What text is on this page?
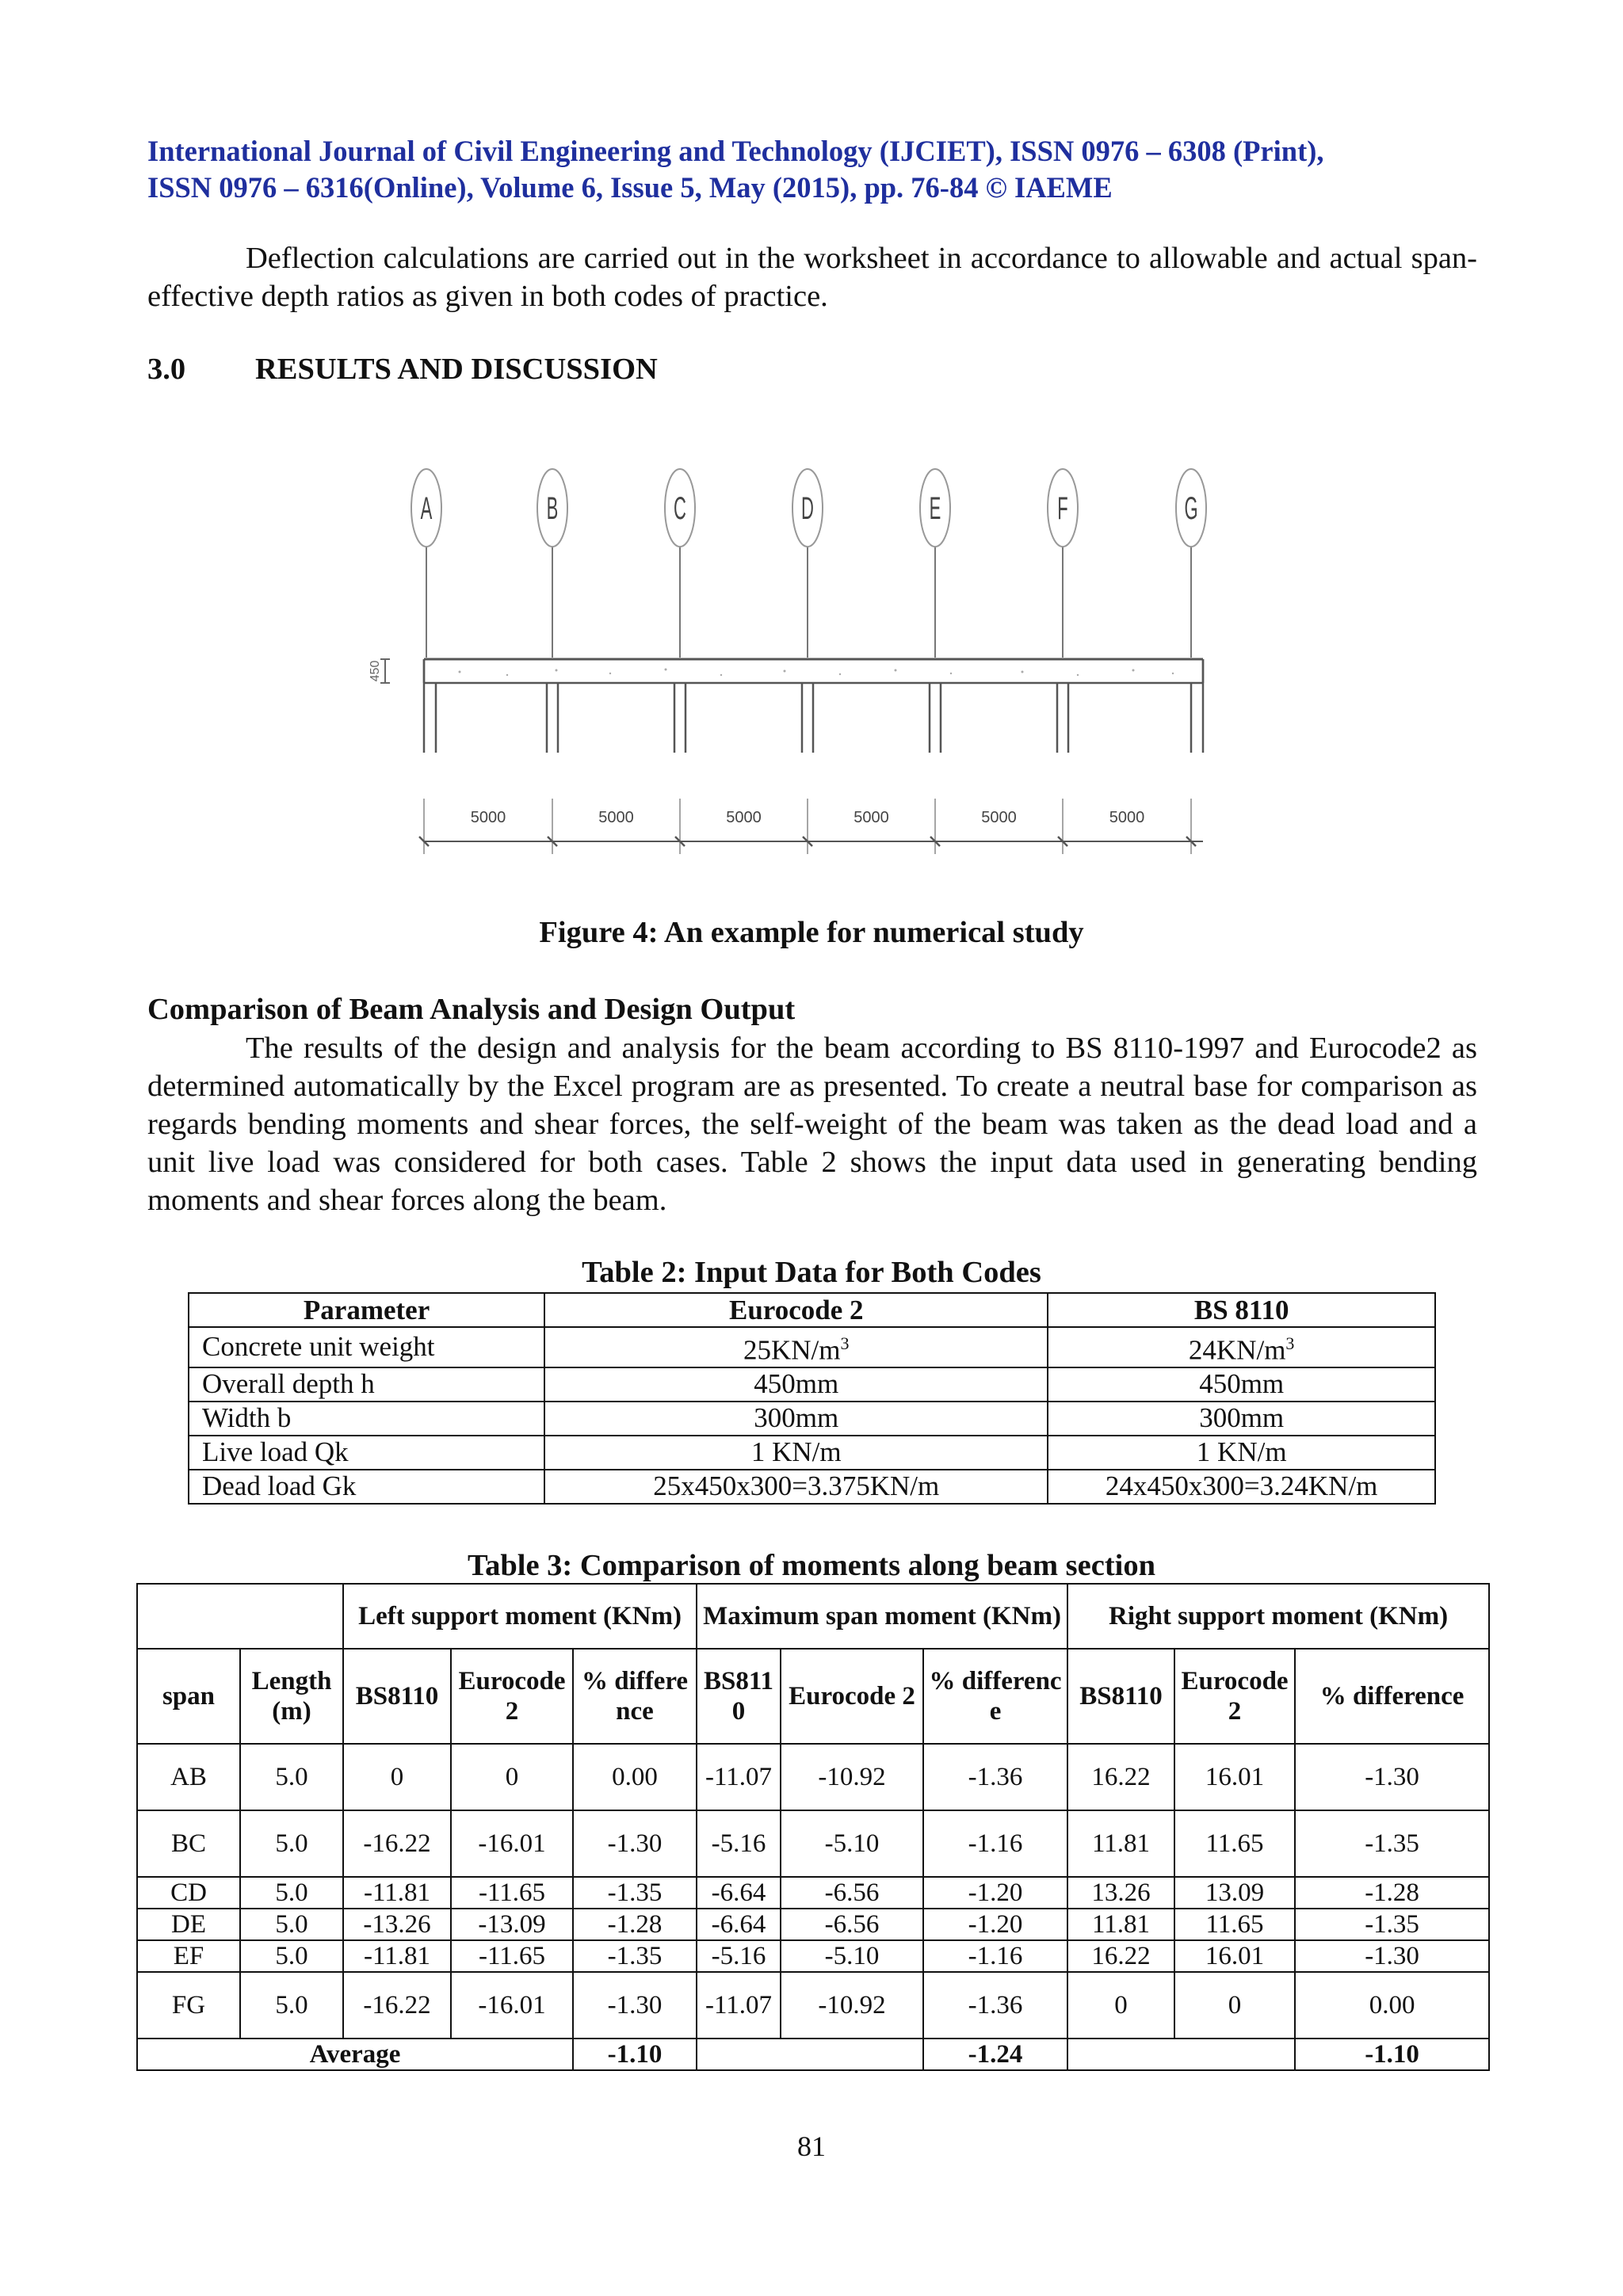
International Journal of Civil Engineering and Technology (IJCIET), ISSN 0976 – 6308 (Print),
ISSN 0976 – 6316(Online), Volume 6, Issue 5, May (2015), pp. 76-84 © IAEME
Deflection calculations are carried out in the worksheet in accordance to allowable and actual span-effective depth ratios as given in both codes of practice.
3.0 RESULTS AND DISCUSSION
A	B	C	D	E	F	G
450
5000	5000	5000	5000	5000	5000
Figure 4: An example for numerical study
Comparison of Beam Analysis and Design Output
The results of the design and analysis for the beam according to BS 8110-1997 and Eurocode2 as determined automatically by the Excel program are as presented. To create a neutral base for comparison as regards bending moments and shear forces, the self-weight of the beam was taken as the dead load and a unit live load was considered for both cases. Table 2 shows the input data used in generating bending moments and shear forces along the beam.
Table 2: Input Data for Both Codes
Parameter	Eurocode 2	BS 8110
Concrete unit weight	$25KN/m^3$	$24KN/m^3$
Overall depth h	450mm	450mm
Width b	300mm	300mm
Live load Qk	1 KN/m	1 KN/m
Dead load Gk	25x450x300=3.375KN/m	24x450x300=3.24KN/m
Table 3: Comparison of moments along beam section
		Left support moment (KNm)			Maximum span moment (KNm)			Right support moment (KNm)		
span	Length (m)	BS8110	Eurocode 2	% difference	BS8110	Eurocode 2	% difference	BS8110	Eurocode 2	% difference
AB	5.0	0	0	0.00	-11.07	-10.92	-1.36	16.22	16.01	-1.30
BC	5.0	-16.22	-16.01	-1.30	-5.16	-5.10	-1.16	11.81	11.65	-1.35
CD	5.0	-11.81	-11.65	-1.35	-6.64	-6.56	-1.20	13.26	13.09	-1.28
DE	5.0	-13.26	-13.09	-1.28	-6.64	-6.56	-1.20	11.81	11.65	-1.35
EF	5.0	-11.81	-11.65	-1.35	-5.16	-5.10	-1.16	16.22	16.01	-1.30
FG	5.0	-16.22	-16.01	-1.30	-11.07	-10.92	-1.36	0	0	0.00
Average				-1.10			-1.24			-1.10
81
